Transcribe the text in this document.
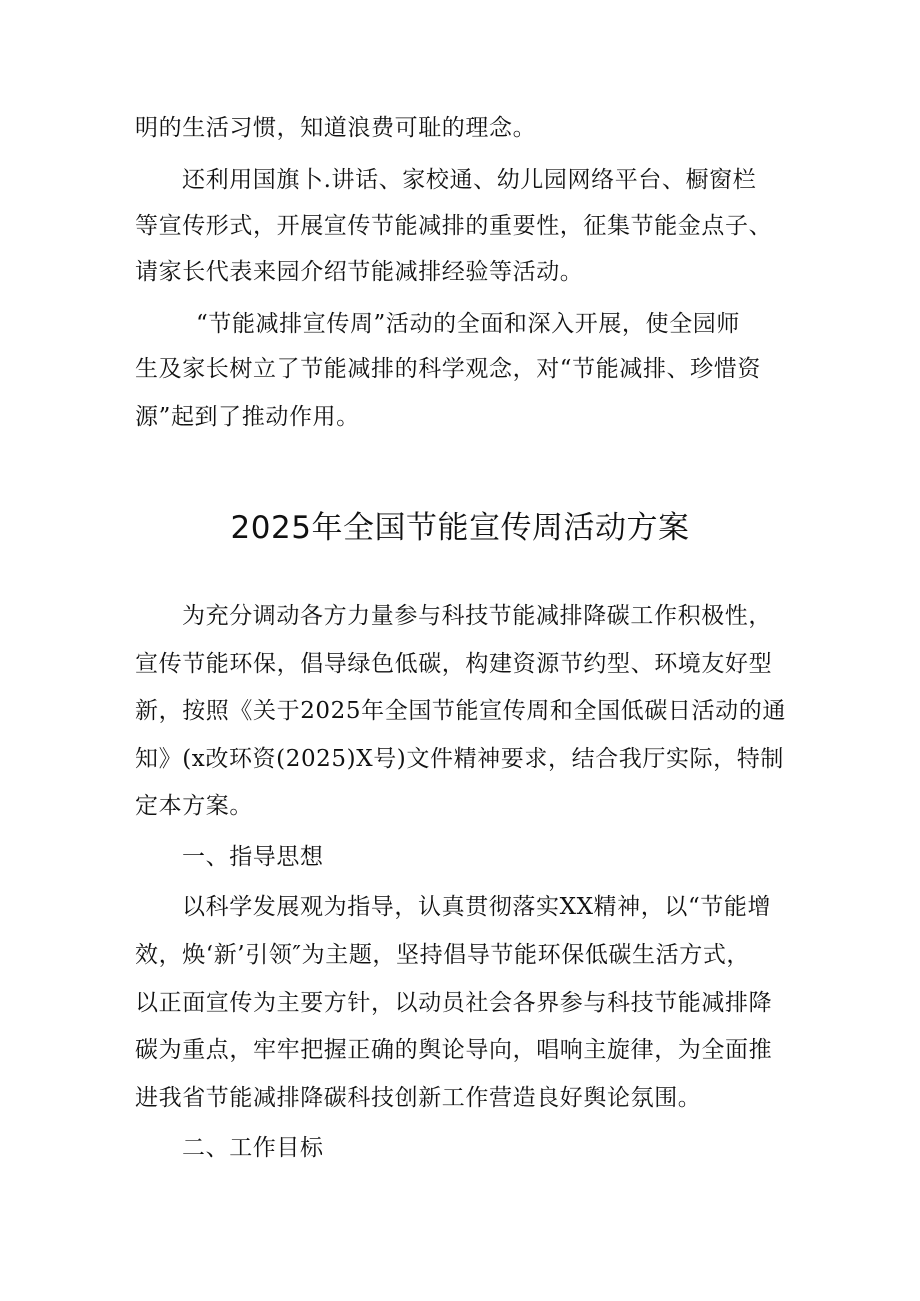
明的生活习惯，知道浪费可耻的理念。
还利用国旗卜.讲话、家校通、幼儿园网络平台、橱窗栏
等宣传形式，开展宣传节能减排的重要性，征集节能金点子、
请家长代表来园介绍节能减排经验等活动。
“节能减排宣传周”活动的全面和深入开展，使全园师
生及家长树立了节能减排的科学观念，对“节能减排、珍惜资
源”起到了推动作用。
2025年全国节能宣传周活动方案
为充分调动各方力量参与科技节能减排降碳工作积极性，
宣传节能环保，倡导绿色低碳，构建资源节约型、环境友好型
新，按照《关于2025年全国节能宣传周和全国低碳日活动的通
知》(x改环资(2025)X号)文件精神要求，结合我厅实际，特制
定本方案。
一、指导思想
以科学发展观为指导，认真贯彻落实XX精神，以“节能增
效，焕‘新’引领″为主题，坚持倡导节能环保低碳生活方式，
以正面宣传为主要方针，以动员社会各界参与科技节能减排降
碳为重点，牢牢把握正确的舆论导向，唱响主旋律，为全面推
进我省节能减排降碳科技创新工作营造良好舆论氛围。
二、工作目标
